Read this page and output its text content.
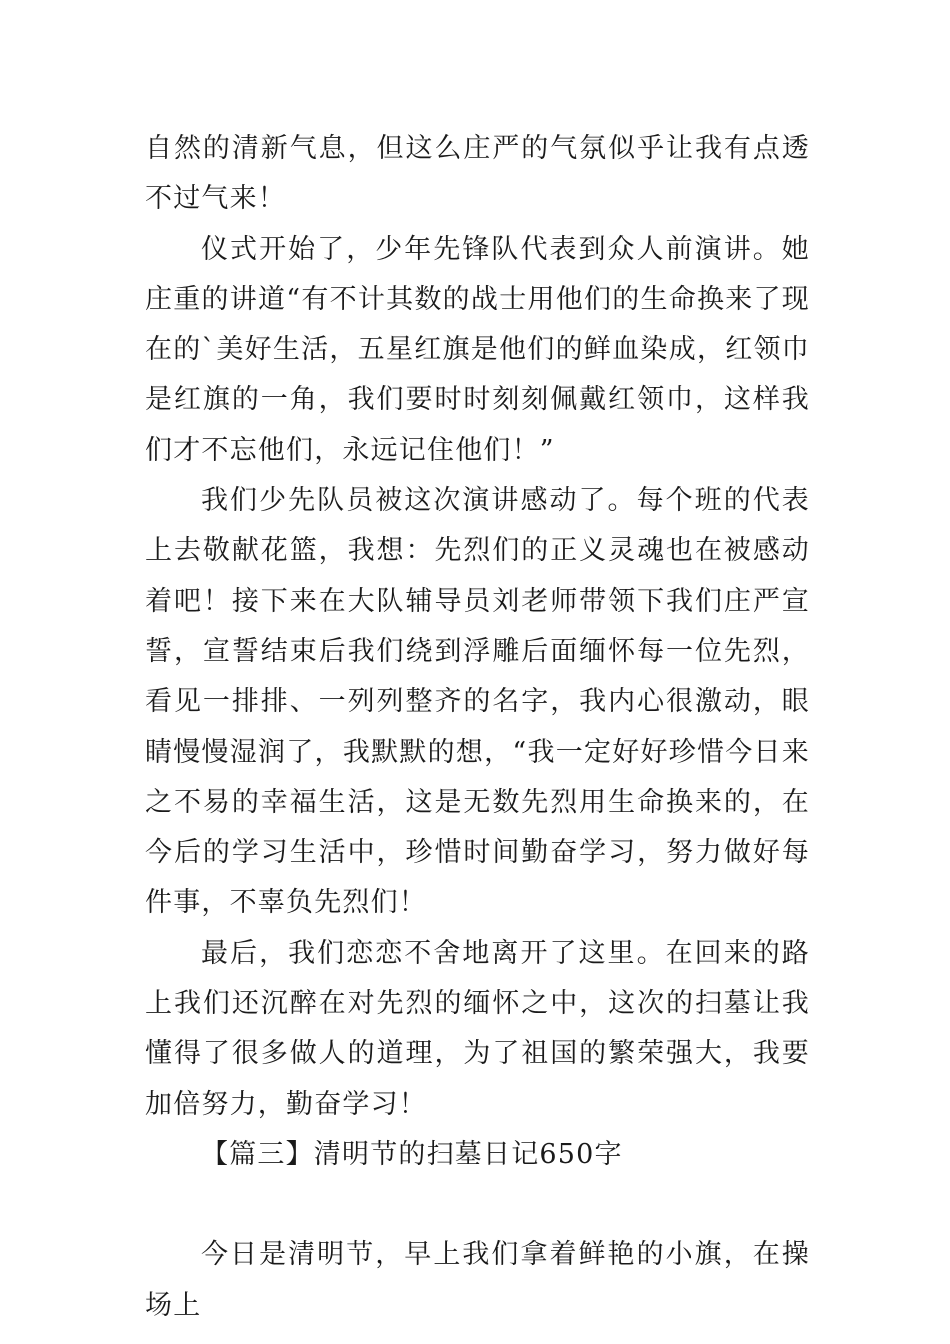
自然的清新气息，但这么庄严的气氛似乎让我有点透不过气来！

仪式开始了，少年先锋队代表到众人前演讲。她庄重的讲道“有不计其数的战士用他们的生命换来了现在的`美好生活，五星红旗是他们的鲜血染成，红领巾是红旗的一角，我们要时时刻刻佩戴红领巾，这样我们才不忘他们，永远记住他们！”

我们少先队员被这次演讲感动了。每个班的代表上去敬献花篮，我想：先烈们的正义灵魂也在被感动着吧！接下来在大队辅导员刘老师带领下我们庄严宣誓，宣誓结束后我们绕到浮雕后面缅怀每一位先烈，看见一排排、一列列整齐的名字，我内心很激动，眼睛慢慢湿润了，我默默的想，“我一定好好珍惜今日来之不易的幸福生活，这是无数先烈用生命换来的，在今后的学习生活中，珍惜时间勤奋学习，努力做好每件事，不辜负先烈们！

最后，我们恋恋不舍地离开了这里。在回来的路上我们还沉醉在对先烈的缅怀之中，这次的扫墓让我懂得了很多做人的道理，为了祖国的繁荣强大，我要加倍努力，勤奋学习！

【篇三】清明节的扫墓日记650字

今日是清明节，早上我们拿着鲜艳的小旗，在操场上
